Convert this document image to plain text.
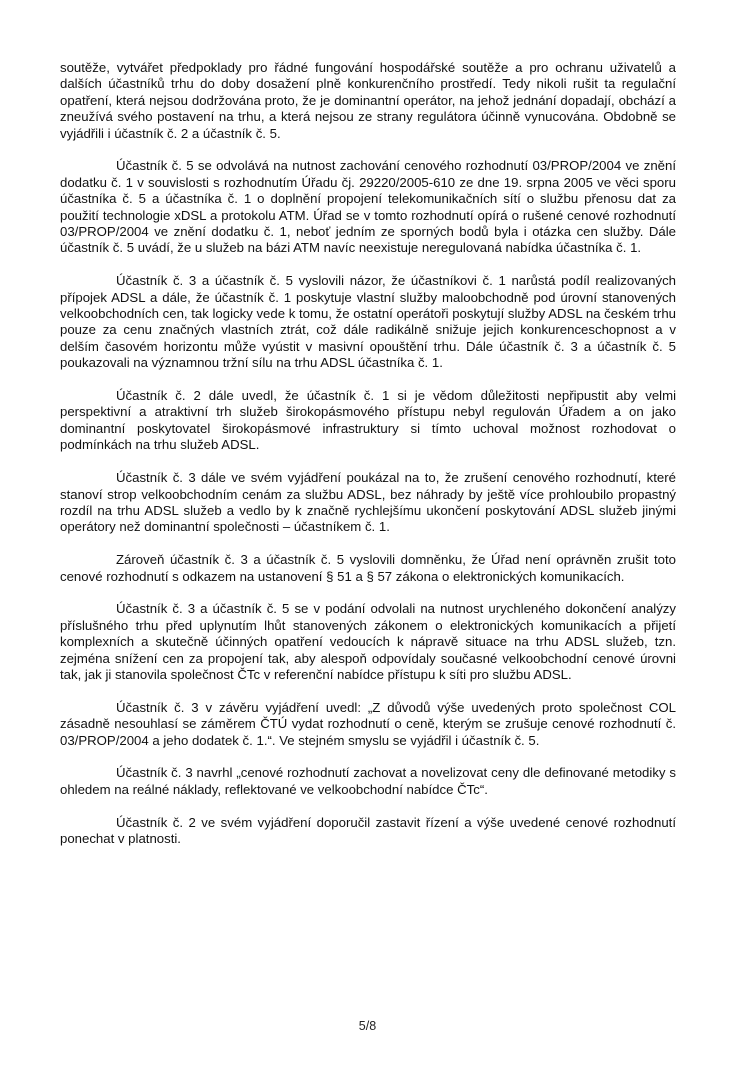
soutěže, vytvářet předpoklady pro řádné fungování hospodářské soutěže a pro ochranu uživatelů a dalších účastníků trhu do doby dosažení plně konkurenčního prostředí. Tedy nikoli rušit ta regulační opatření, která nejsou dodržována proto, že je dominantní operátor, na jehož jednání dopadají, obchází a zneužívá svého postavení na trhu, a která nejsou ze strany regulátora účinně vynucována. Obdobně se vyjádřili i účastník č. 2 a účastník č. 5.

Účastník č. 5 se odvolává na nutnost zachování cenového rozhodnutí 03/PROP/2004 ve znění dodatku č. 1 v souvislosti s rozhodnutím Úřadu čj. 29220/2005-610 ze dne 19. srpna 2005 ve věci sporu účastníka č. 5 a účastníka č. 1 o doplnění propojení telekomunikačních sítí o službu přenosu dat za použití technologie xDSL a protokolu ATM. Úřad se v tomto rozhodnutí opírá o rušené cenové rozhodnutí 03/PROP/2004 ve znění dodatku č. 1, neboť jedním ze sporných bodů byla i otázka cen služby. Dále účastník č. 5 uvádí, že u služeb na bázi ATM navíc neexistuje neregulovaná nabídka účastníka č. 1.

Účastník č. 3 a účastník č. 5 vyslovili názor, že účastníkovi č. 1 narůstá podíl realizovaných přípojek ADSL a dále, že účastník č. 1 poskytuje vlastní služby maloobchodně pod úrovní stanovených velkoobchodních cen, tak logicky vede k tomu, že ostatní operátoři poskytují služby ADSL na českém trhu pouze za cenu značných vlastních ztrát, což dále radikálně snižuje jejich konkurenceschopnost a v delším časovém horizontu může vyústit v masivní opouštění trhu. Dále účastník č. 3 a účastník č. 5 poukazovali na významnou tržní sílu na trhu ADSL účastníka č. 1.

Účastník č. 2 dále uvedl, že účastník č. 1 si je vědom důležitosti nepřipustit aby velmi perspektivní a atraktivní trh služeb širokopásmového přístupu nebyl regulován Úřadem a on jako dominantní poskytovatel širokopásmové infrastruktury si tímto uchoval možnost rozhodovat o podmínkách na trhu služeb ADSL.

Účastník č. 3 dále ve svém vyjádření poukázal na to, že zrušení cenového rozhodnutí, které stanoví strop velkoobchodním cenám za službu ADSL, bez náhrady by ještě více prohloubilo propastný rozdíl na trhu ADSL služeb a vedlo by k značně rychlejšímu ukončení poskytování ADSL služeb jinými operátory než dominantní společnosti – účastníkem č. 1.

Zároveň účastník č. 3 a účastník č. 5 vyslovili domněnku, že Úřad není oprávněn zrušit toto cenové rozhodnutí s odkazem na ustanovení § 51 a § 57 zákona o elektronických komunikacích.

Účastník č. 3 a účastník č. 5 se v podání odvolali na nutnost urychleného dokončení analýzy příslušného trhu před uplynutím lhůt stanovených zákonem o elektronických komunikacích a přijetí komplexních a skutečně účinných opatření vedoucích k nápravě situace na trhu ADSL služeb, tzn. zejména snížení cen za propojení tak, aby alespoň odpovídaly současné velkoobchodní cenové úrovni tak, jak ji stanovila společnost ČTc v referenční nabídce přístupu k síti pro službu ADSL.

Účastník č. 3 v závěru vyjádření uvedl: „Z důvodů výše uvedených proto společnost COL zásadně nesouhlasí se záměrem ČTÚ vydat rozhodnutí o ceně, kterým se zrušuje cenové rozhodnutí č. 03/PROP/2004 a jeho dodatek č. 1.“. Ve stejném smyslu se vyjádřil i účastník č. 5.

Účastník č. 3 navrhl „cenové rozhodnutí zachovat a novelizovat ceny dle definované metodiky s ohledem na reálné náklady, reflektované ve velkoobchodní nabídce ČTc“.

Účastník č. 2 ve svém vyjádření doporučil zastavit řízení a výše uvedené cenové rozhodnutí ponechat v platnosti.

5/8
